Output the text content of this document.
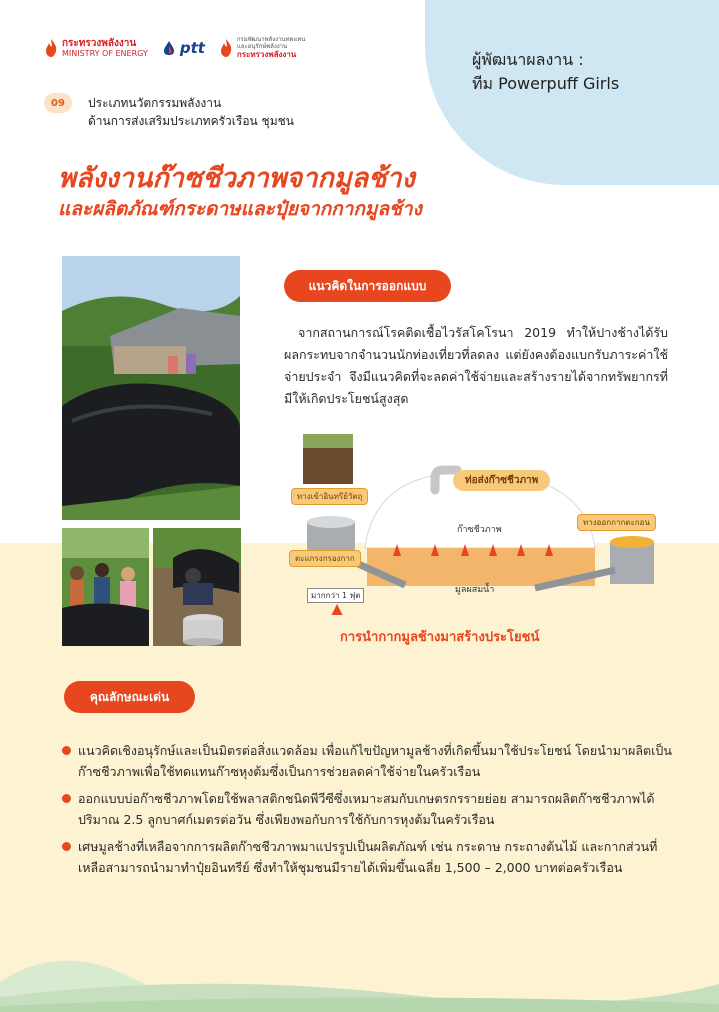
กระทรวงพลังงาน
MINISTRY OF ENERGY ptt	กรมพัฒนาพลังงานทดแทน
และอนุรักษ์พลังงาน
กระทรวงพลังงาน	ผู้พัฒนาผลงาน :
ทีม Powerpuff Girls
09	ประเภทนวัตกรรมพลังงาน
ด้านการส่งเสริมประเภทครัวเรือน ชุมชน
พลังงานก๊าซชีวภาพจากมูลช้าง
และผลิตภัณฑ์กระดาษและปุ๋ยจากกากมูลช้าง
แนวคิดในการออกแบบ

จากสถานการณ์โรคติดเชื้อไวรัสโคโรนา 2019 ทำให้ปางช้างได้รับผลกระทบจากจำนวนนักท่องเที่ยวที่ลดลง แต่ยังคงต้องแบกรับภาระค่าใช้จ่ายประจำ จึงมีแนวคิดที่จะลดค่าใช้จ่ายและสร้างรายได้จากทรัพยากรที่มีให้เกิดประโยชน์สูงสุด

ทางเข้าอินทรีย์วัตถุ
ท่อส่งก๊าซชีวภาพ
ก๊าซชีวภาพ
ทางออกกากตะกอน
ตะแกรงกรองกาก
มากกว่า 1 ฟุต
มูลผสมน้ำ
การนำกากมูลช้างมาสร้างประโยชน์
คุณลักษณะเด่น
แนวคิดเชิงอนุรักษ์และเป็นมิตรต่อสิ่งแวดล้อม เพื่อแก้ไขปัญหามูลช้างที่เกิดขึ้นมาใช้ประโยชน์ โดยนำมาผลิตเป็นก๊าซชีวภาพเพื่อใช้ทดแทนก๊าซหุงต้มซึ่งเป็นการช่วยลดค่าใช้จ่ายในครัวเรือน
ออกแบบบ่อก๊าซชีวภาพโดยใช้พลาสติกชนิดพีวีซีซึ่งเหมาะสมกับเกษตรกรรายย่อย สามารถผลิตก๊าซชีวภาพได้ปริมาณ 2.5 ลูกบาศก์เมตรต่อวัน ซึ่งเพียงพอกับการใช้กับการหุงต้มในครัวเรือน
เศษมูลช้างที่เหลือจากการผลิตก๊าซชีวภาพมาแปรรูปเป็นผลิตภัณฑ์ เช่น กระดาษ กระถางต้นไม้ และกากส่วนที่เหลือสามารถนำมาทำปุ๋ยอินทรีย์ ซึ่งทำให้ชุมชนมีรายได้เพิ่มขึ้นเฉลี่ย 1,500 – 2,000 บาทต่อครัวเรือน
